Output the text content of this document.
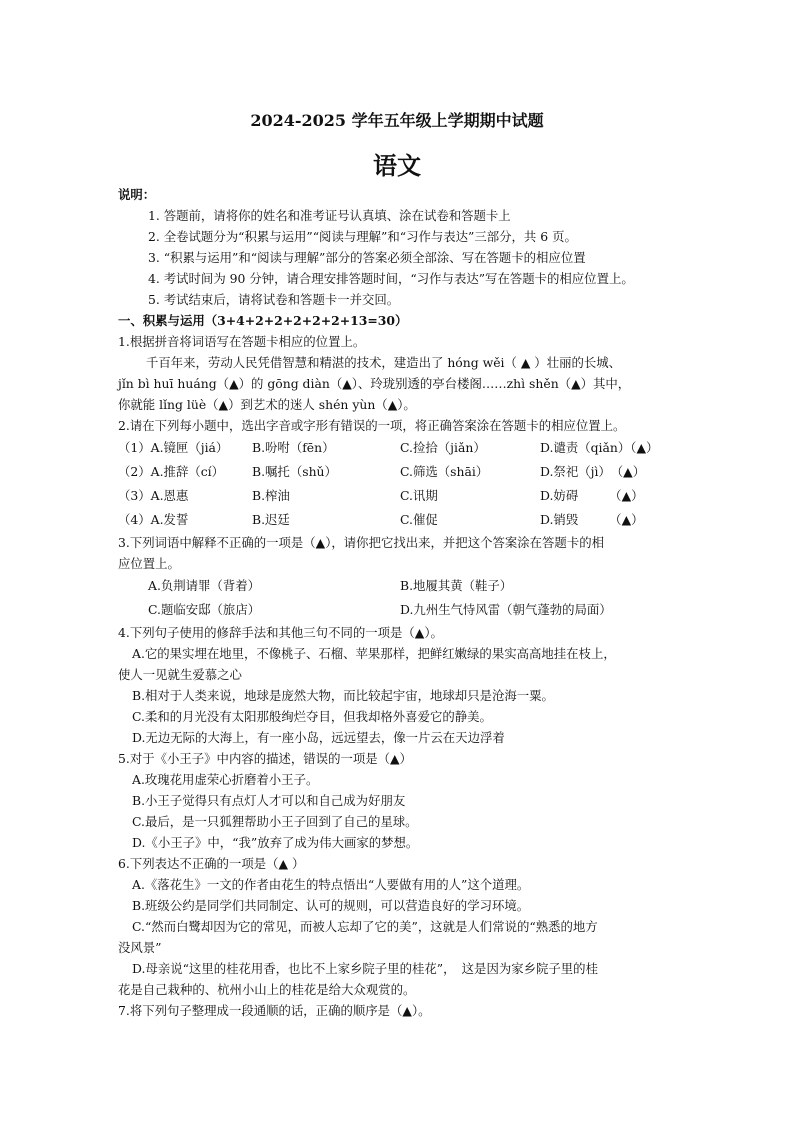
2024-2025 学年五年级上学期期中试题
语文
说明：
1. 答题前，请将你的姓名和准考证号认真填、涂在试卷和答题卡上
2. 全卷试题分为“积累与运用”“阅读与理解”和“习作与表达”三部分，共 6 页。
3. “积累与运用”和“阅读与理解”部分的答案必须全部涂、写在答题卡的相应位置
4. 考试时间为 90 分钟，请合理安排答题时间，“习作与表达”写在答题卡的相应位置上。
5. 考试结束后，请将试卷和答题卡一并交回。
一、积累与运用（3+4+2+2+2+2+2+13=30）
1.根据拼音将词语写在答题卡相应的位置上。
千百年来，劳动人民凭借智慧和精湛的技术，建造出了 hóng wěi（ ▲ ）壮丽的长城、
jǐn bì huī huáng（▲）的 gōng diàn（▲）、玲珑别透的亭台楼阁……zhì shěn（▲）其中，
你就能 lǐng lüè（▲）到艺术的迷人 shén yùn（▲）。
2.请在下列每小题中，选出字音或字形有错误的一项，将正确答案涂在答题卡的相应位置上。
（1）A.镜匣（jiá）	B.吩咐（fēn）	C.捡拾（jiǎn）	D.谴责（qiǎn）（▲）
（2）A.推辞（cí）	B.嘱托（shǔ）	C.筛选（shāi）	D.祭祀（jì）　（▲）
（3）A.恩惠	B.榨油	C.讯期	D.妨碍　　　（▲）
（4）A.发誓	B.迟廷	C.催促	D.销毁　　　（▲）
3.下列词语中解释不正确的一项是（▲），请你把它找出来，并把这个答案涂在答题卡的相
应位置上。
A.负荆请罪（背着）	B.地履其黄（鞋子）
C.题临安邸（旅店）	D.九州生气恃风雷（朝气蓬勃的局面）
4.下列句子使用的修辞手法和其他三句不同的一项是（▲）。
A.它的果实埋在地里，不像桃子、石榴、苹果那样，把鲜红嫩绿的果实高高地挂在枝上，
使人一见就生爱慕之心
B.相对于人类来说，地球是庞然大物，而比较起宇宙，地球却只是沧海一粟。
C.柔和的月光没有太阳那般绚烂夺目，但我却格外喜爱它的静美。
D.无边无际的大海上，有一座小岛，远远望去，像一片云在天边浮着
5.对于《小王子》中内容的描述，错误的一项是（▲）
A.玫瑰花用虚荣心折磨着小王子。
B.小王子觉得只有点灯人才可以和自己成为好朋友
C.最后，是一只狐狸帮助小王子回到了自己的星球。
D.《小王子》中，“我”放弃了成为伟大画家的梦想。
6.下列表达不正确的一项是（▲ ）
A.《落花生》一文的作者由花生的特点悟出“人要做有用的人”这个道理。
B.班级公约是同学们共同制定、认可的规则，可以营造良好的学习环境。
C.“然而白鹭却因为它的常见，而被人忘却了它的美”，这就是人们常说的“熟悉的地方
没风景”
D.母亲说“这里的桂花用香，也比不上家乡院子里的桂花”，　这是因为家乡院子里的桂
花是自己栽种的、杭州小山上的桂花是给大众观赏的。
7.将下列句子整理成一段通顺的话，正确的顺序是（▲）。
